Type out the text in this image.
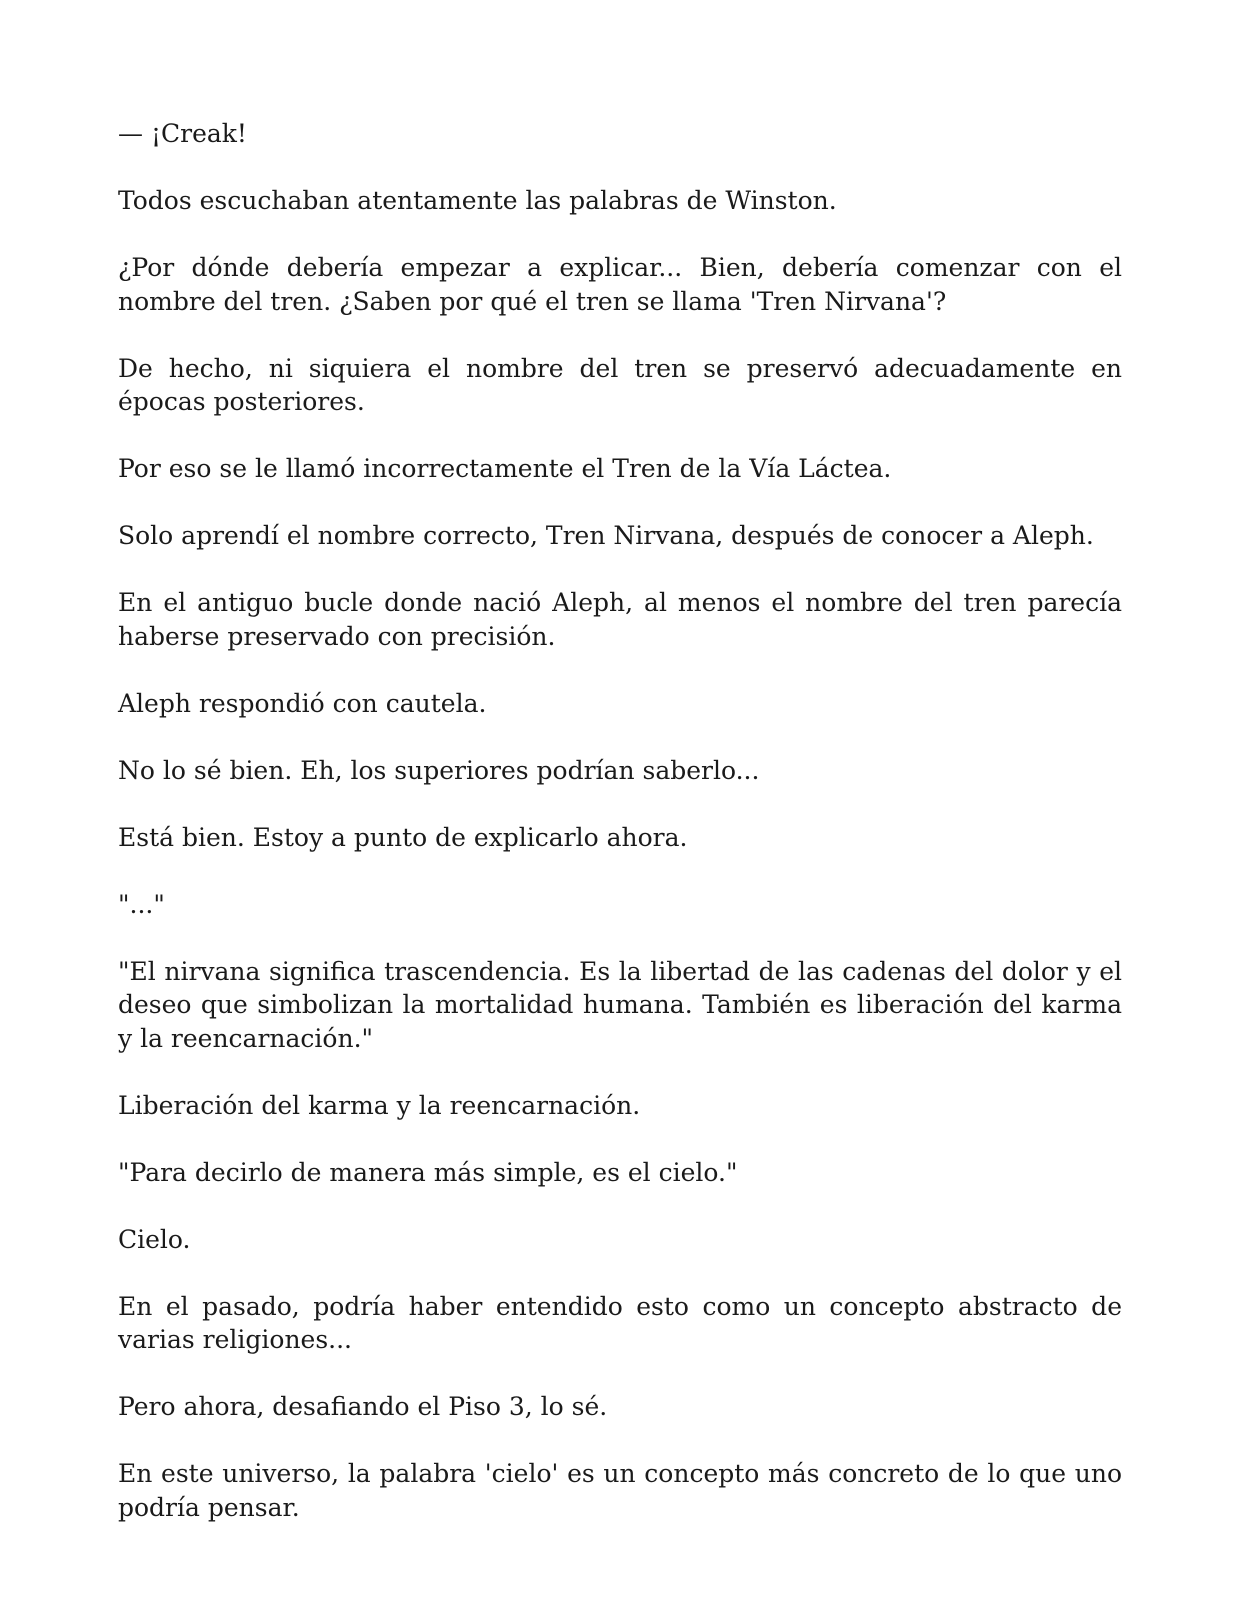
— ¡Creak!

Todos escuchaban atentamente las palabras de Winston.

¿Por dónde debería empezar a explicar... Bien, debería comenzar con el nombre del tren. ¿Saben por qué el tren se llama 'Tren Nirvana'?

De hecho, ni siquiera el nombre del tren se preservó adecuadamente en épocas posteriores.

Por eso se le llamó incorrectamente el Tren de la Vía Láctea.

Solo aprendí el nombre correcto, Tren Nirvana, después de conocer a Aleph.

En el antiguo bucle donde nació Aleph, al menos el nombre del tren parecía haberse preservado con precisión.

Aleph respondió con cautela.

No lo sé bien. Eh, los superiores podrían saberlo...

Está bien. Estoy a punto de explicarlo ahora.

"..."

"El nirvana significa trascendencia. Es la libertad de las cadenas del dolor y el deseo que simbolizan la mortalidad humana. También es liberación del karma y la reencarnación."

Liberación del karma y la reencarnación.

"Para decirlo de manera más simple, es el cielo."

Cielo.

En el pasado, podría haber entendido esto como un concepto abstracto de varias religiones...

Pero ahora, desafiando el Piso 3, lo sé.

En este universo, la palabra 'cielo' es un concepto más concreto de lo que uno podría pensar.
